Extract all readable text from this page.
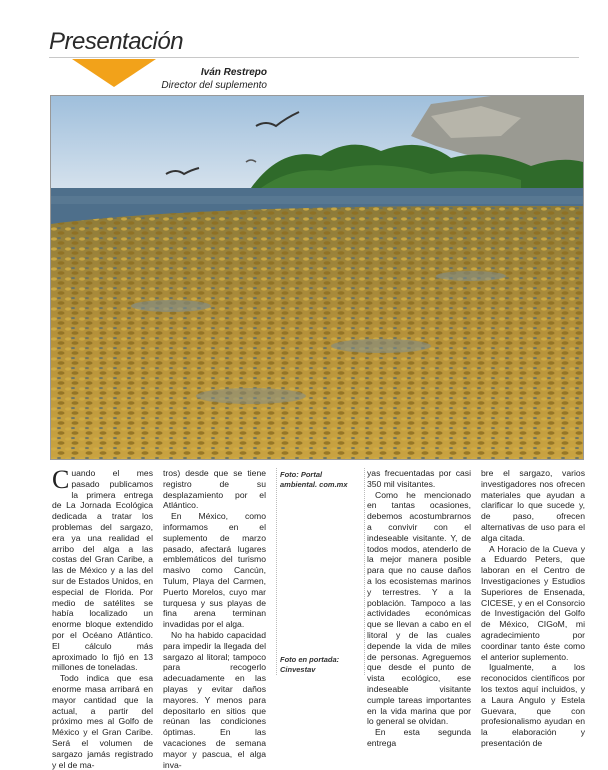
Presentación
Iván Restrepo
Director del suplemento
C uando el mes pasado publicamos la primera entrega de La Jornada Ecológica dedicada a tratar los problemas del sargazo, era ya una realidad el arribo del alga a las costas del Gran Caribe, a las de México y a las del sur de Estados Unidos, en especial de Florida. Por medio de satélites se había localizado un enorme bloque extendido por el Océano Atlántico. El cálculo más aproximado lo fijó en 13 millones de toneladas.

Todo indica que esa enorme masa arribará en mayor cantidad que la actual, a partir del próximo mes al Golfo de México y el Gran Caribe. Será el volumen de sargazo jamás registrado y el de ma-

tros) desde que se tiene registro de su desplazamiento por el Atlántico.

En México, como informamos en el suplemento de marzo pasado, afectará lugares emblemáticos del turismo masivo como Cancún, Tulum, Playa del Carmen, Puerto Morelos, cuyo mar turquesa y sus playas de fina arena terminan invadidas por el alga.

No ha habido capacidad para impedir la llegada del sargazo al litoral; tampoco para recogerlo adecuadamente en las playas y evitar daños mayores. Y menos para depositarlo en sitios que reúnan las condiciones óptimas. En las vacaciones de semana mayor y pascua, el alga inva-

Foto: Portal ambiental. com.mx
Foto en portada: Cinvestav

yas frecuentadas por casi 350 mil visitantes.

Como he mencionado en tantas ocasiones, debemos acostumbrarnos a convivir con el indeseable visitante. Y, de todos modos, atenderlo de la mejor manera posible para que no cause daños a los ecosistemas marinos y terrestres. Y a la población. Tampoco a las actividades económicas que se llevan a cabo en el litoral y de las cuales depende la vida de miles de personas. Agreguemos que desde el punto de vista ecológico, ese indeseable visitante cumple tareas importantes en la vida marina que por lo general se olvidan.

En esta segunda entrega

bre el sargazo, varios investigadores nos ofrecen materiales que ayudan a clarificar lo que sucede y, de paso, ofrecen alternativas de uso para el alga citada.

A Horacio de la Cueva y a Eduardo Peters, que laboran en el Centro de Investigaciones y Estudios Superiores de Ensenada, CICESE, y en el Consorcio de Investigación del Golfo de México, CIGoM, mi agradecimiento por coordinar tanto éste como el anterior suplemento.

Igualmente, a los reconocidos científicos por los textos aquí incluidos, y a Laura Angulo y Estela Guevara, que con profesionalismo ayudan en la elaboración y presentación de
